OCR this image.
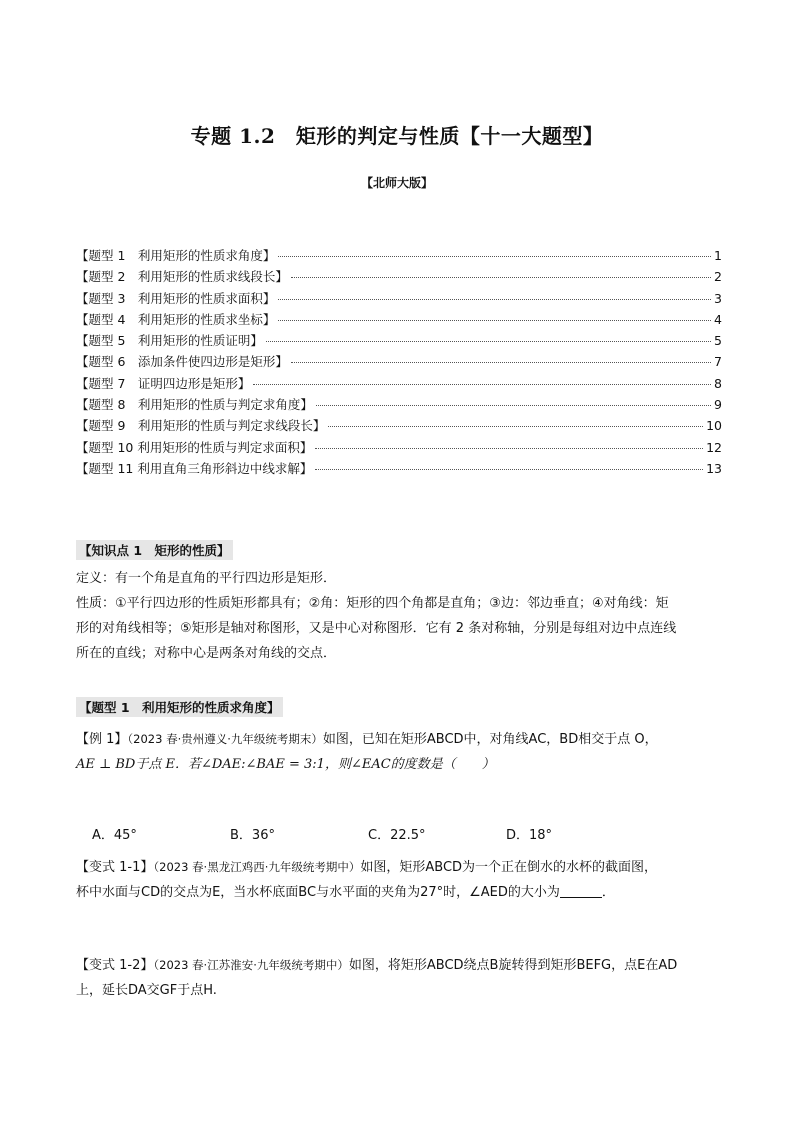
专题 1.2　矩形的判定与性质【十一大题型】
【北师大版】
【题型 1　利用矩形的性质求角度】	1
【题型 2　利用矩形的性质求线段长】	2
【题型 3　利用矩形的性质求面积】	3
【题型 4　利用矩形的性质求坐标】	4
【题型 5　利用矩形的性质证明】	5
【题型 6　添加条件使四边形是矩形】	7
【题型 7　证明四边形是矩形】	8
【题型 8　利用矩形的性质与判定求角度】	9
【题型 9　利用矩形的性质与判定求线段长】	10
【题型 10 利用矩形的性质与判定求面积】	12
【题型 11 利用直角三角形斜边中线求解】	13
【知识点 1　矩形的性质】
定义：有一个角是直角的平行四边形是矩形．
性质：①平行四边形的性质矩形都具有；②角：矩形的四个角都是直角；③边：邻边垂直；④对角线：矩
形的对角线相等；⑤矩形是轴对称图形，又是中心对称图形．它有 2 条对称轴，分别是每组对边中点连线
所在的直线；对称中心是两条对角线的交点．
【题型 1　利用矩形的性质求角度】
【例 1】（2023 春·贵州遵义·九年级统考期末）如图，已知在矩形ABCD中，对角线AC，BD相交于点 O，
AE ⊥ BD于点 E．若∠DAE:∠BAE = 3:1，则∠EAC的度数是（　　）
A．45°	B．36°	C．22.5°	D．18°
【变式 1-1】（2023 春·黑龙江鸡西·九年级统考期中）如图，矩形ABCD为一个正在倒水的水杯的截面图，
杯中水面与CD的交点为E，当水杯底面BC与水平面的夹角为27°时，∠AED的大小为	．
【变式 1-2】（2023 春·江苏淮安·九年级统考期中）如图，将矩形ABCD绕点B旋转得到矩形BEFG，点E在AD
上，延长DA交GF于点H.
